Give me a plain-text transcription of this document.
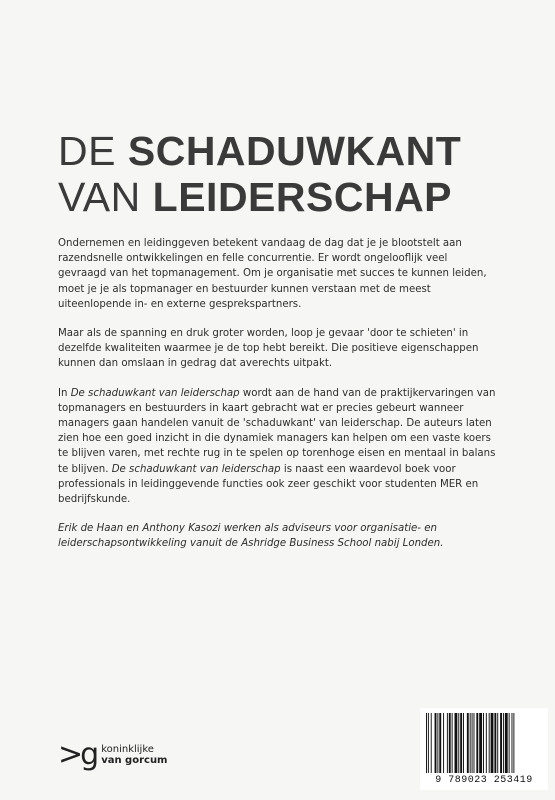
DE SCHADUWKANT
VAN LEIDERSCHAP

Ondernemen en leidinggeven betekent vandaag de dag dat je je blootstelt aan razendsnelle ontwikkelingen en felle concurrentie. Er wordt ongelooflijk veel gevraagd van het topmanagement. Om je organisatie met succes te kunnen leiden, moet je je als topmanager en bestuurder kunnen verstaan met de meest uiteenlopende in- en externe gesprekspartners.

Maar als de spanning en druk groter worden, loop je gevaar 'door te schieten' in dezelfde kwaliteiten waarmee je de top hebt bereikt. Die positieve eigenschappen kunnen dan omslaan in gedrag dat averechts uitpakt.

In De schaduwkant van leiderschap wordt aan de hand van de praktijkervaringen van topmanagers en bestuurders in kaart gebracht wat er precies gebeurt wanneer managers gaan handelen vanuit de 'schaduwkant' van leiderschap. De auteurs laten zien hoe een goed inzicht in die dynamiek managers kan helpen om een vaste koers te blijven varen, met rechte rug in te spelen op torenhoge eisen en mentaal in balans te blijven. De schaduwkant van leiderschap is naast een waardevol boek voor professionals in leidinggevende functies ook zeer geschikt voor studenten MER en bedrijfskunde.

Erik de Haan en Anthony Kasozi werken als adviseurs voor organisatie- en leiderschapsontwikkeling vanuit de Ashridge Business School nabij Londen.

>g koninklijke
van gorcum
9 789023 253419
